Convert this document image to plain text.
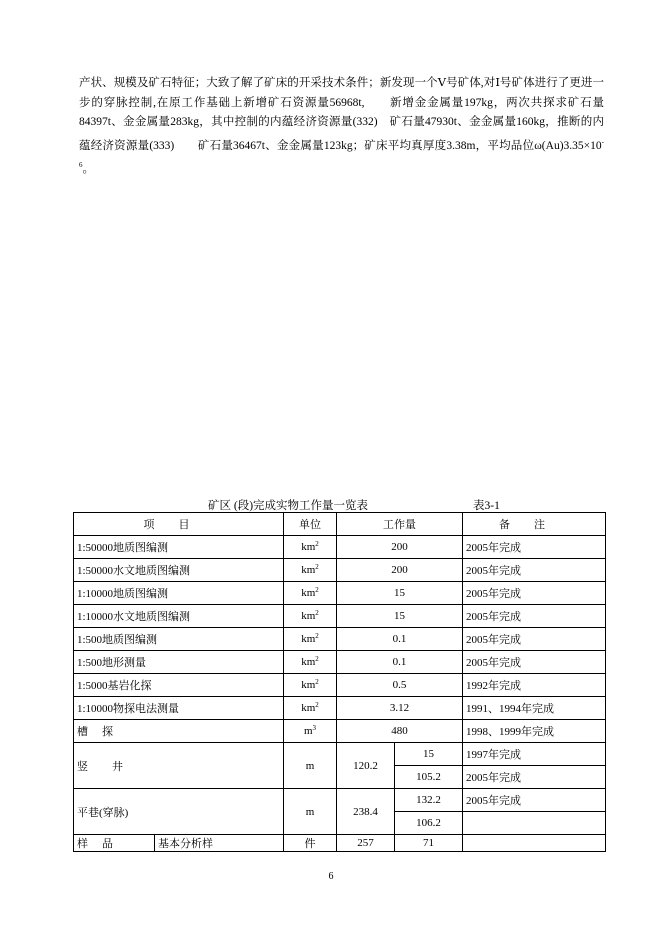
产状、规模及矿石特征；大致了解了矿床的开采技术条件；新发现一个Ⅴ号矿体,对Ⅰ号矿体进行了更进一步的穿脉控制,在原工作基础上新增矿石资源量56968t,　　新增金金属量197kg，两次共探求矿石量84397t、金金属量283kg，其中控制的内蕴经济资源量(332)　矿石量47930t、金金属量160kg，推断的内蕴经济资源量(333)　　矿石量36467t、金金属量123kg；矿床平均真厚度3.38m，平均品位$\omega(Au)3.35\times 10^{-6}$。

矿区 (段)完成实物工作量一览表	表3-1
项目		单位	工作量		备注
1:50000地质图编测		$km^2$	200		2005年完成
1:50000水文地质图编测		$km^2$	200		2005年完成
1:10000地质图编测		$km^2$	15		2005年完成
1:10000水文地质图编测		$km^2$	15		2005年完成
1:500地质图编测		$km^2$	0.1		2005年完成
1:500地形测量		$km^2$	0.1		2005年完成
1:5000基岩化探		$km^2$	0.5		1992年完成
1:10000物探电法测量		$km^2$	3.12		1991、1994年完成
槽探		$m^3$	480		1998、1999年完成
竖井		m	120.2	15	1997年完成
				105.2	2005年完成
平巷(穿脉)		m	238.4	132.2	2005年完成
				106.2	
样品	基本分析样	件	257	71	
6
